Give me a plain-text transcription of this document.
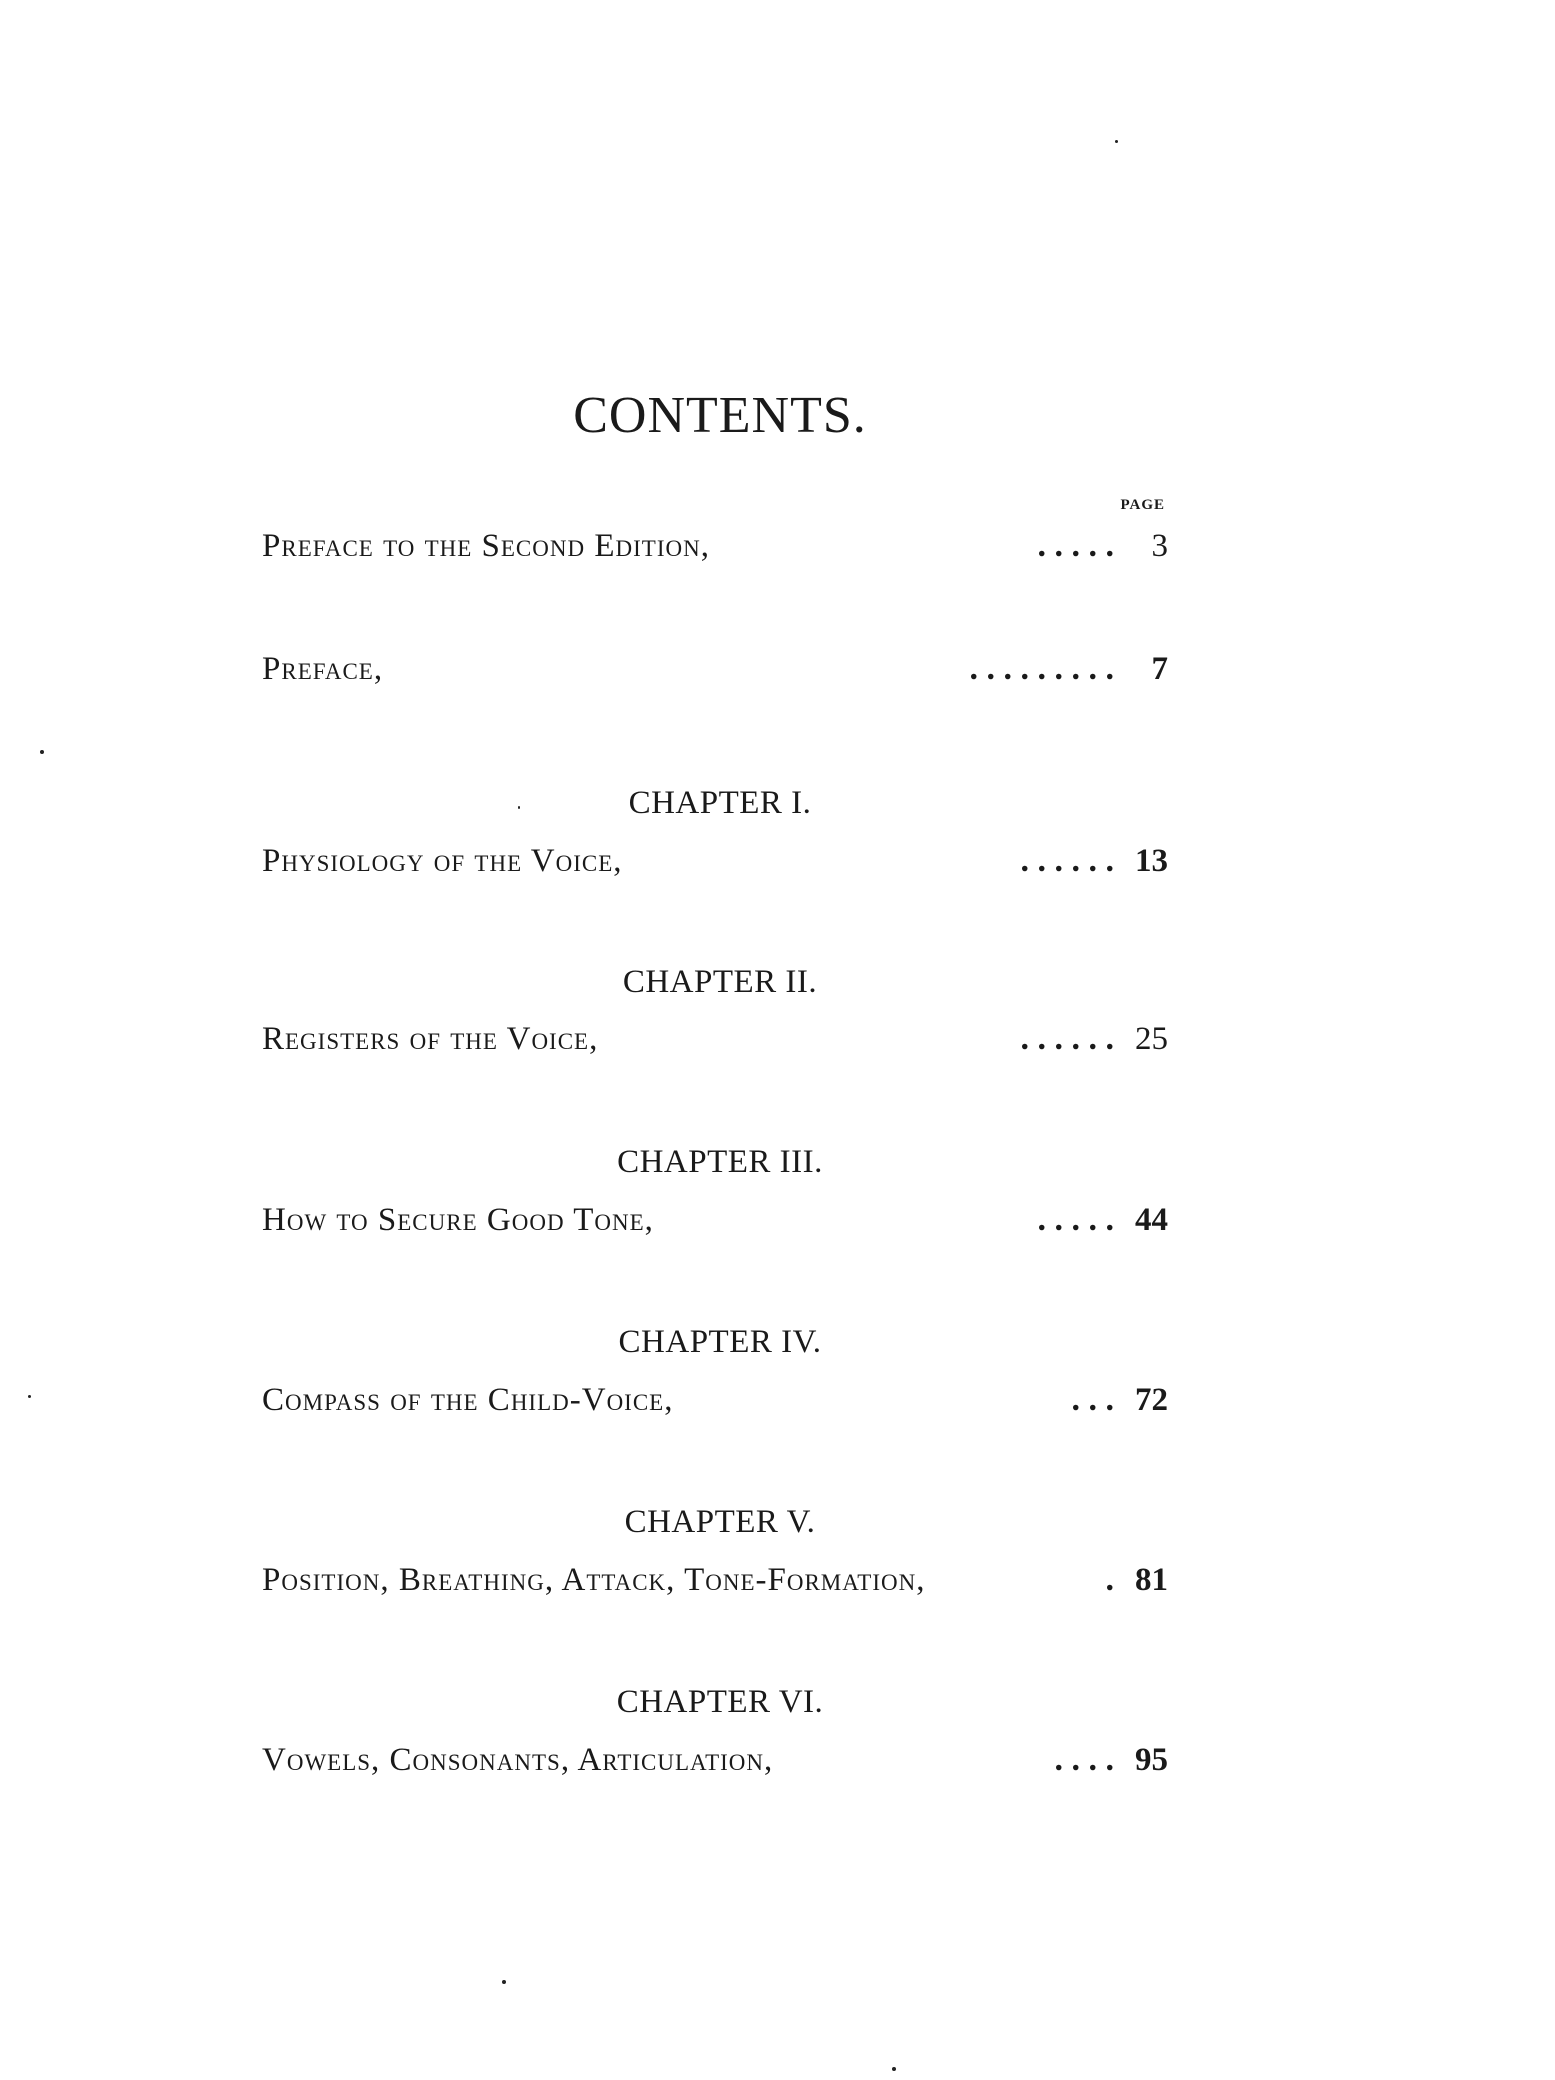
CONTENTS.
PAGE
Preface to the Second Edition,	. . . . .	3
Preface,	. . . . . . . . .	7
CHAPTER I.
Physiology of the Voice,	. . . . . . 13
CHAPTER II.
Registers of the Voice,	. . . . . . 25
CHAPTER III.
How to Secure Good Tone,	. . . . . 44
CHAPTER IV.
Compass of the Child-Voice,	. . . 72
CHAPTER V.
Position, Breathing, Attack, Tone-Formation,	. 81
CHAPTER VI.
Vowels, Consonants, Articulation,	. . . . 95
